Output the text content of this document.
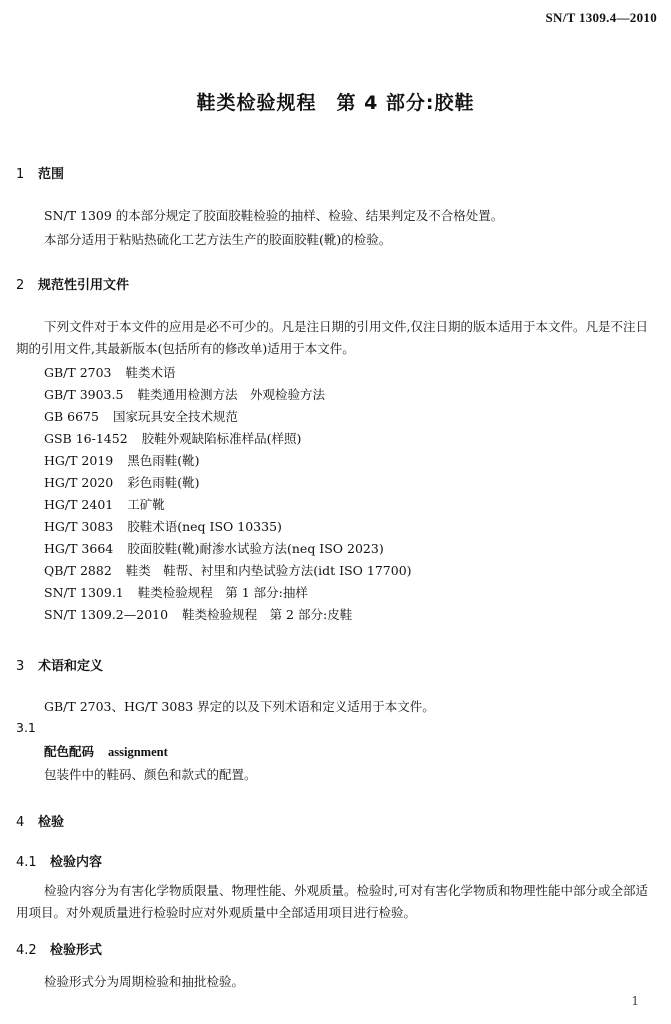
SN/T 1309.4—2010
鞋类检验规程　第 4 部分:胶鞋
1 范围
SN/T 1309 的本部分规定了胶面胶鞋检验的抽样、检验、结果判定及不合格处置。
本部分适用于粘贴热硫化工艺方法生产的胶面胶鞋(靴)的检验。
2 规范性引用文件
下列文件对于本文件的应用是必不可少的。凡是注日期的引用文件,仅注日期的版本适用于本文件。凡是不注日期的引用文件,其最新版本(包括所有的修改单)适用于本文件。
GB/T 2703 鞋类术语
GB/T 3903.5 鞋类通用检测方法　外观检验方法
GB 6675 国家玩具安全技术规范
GSB 16-1452 胶鞋外观缺陷标准样品(样照)
HG/T 2019 黑色雨鞋(靴)
HG/T 2020 彩色雨鞋(靴)
HG/T 2401 工矿靴
HG/T 3083 胶鞋术语(neq ISO 10335)
HG/T 3664 胶面胶鞋(靴)耐渗水试验方法(neq ISO 2023)
QB/T 2882 鞋类　鞋帮、衬里和内垫试验方法(idt ISO 17700)
SN/T 1309.1 鞋类检验规程　第 1 部分:抽样
SN/T 1309.2—2010 鞋类检验规程　第 2 部分:皮鞋
3 术语和定义
GB/T 2703、HG/T 3083 界定的以及下列术语和定义适用于本文件。
3.1
配色配码 assignment
包装件中的鞋码、颜色和款式的配置。
4 检验
4.1 检验内容
检验内容分为有害化学物质限量、物理性能、外观质量。检验时,可对有害化学物质和物理性能中部分或全部适用项目。对外观质量进行检验时应对外观质量中全部适用项目进行检验。
4.2 检验形式
检验形式分为周期检验和抽批检验。
1
